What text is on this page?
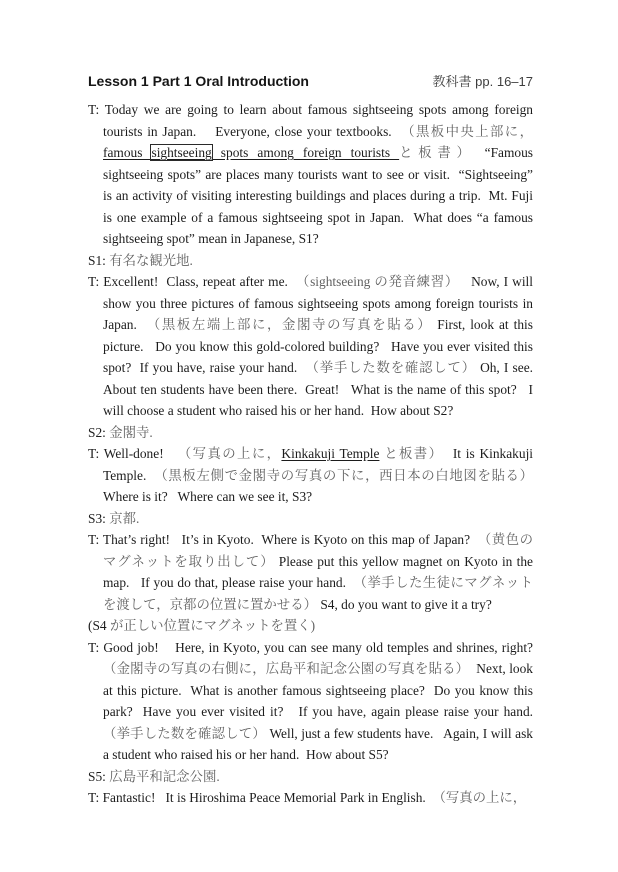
Lesson 1 Part 1 Oral Introduction	教科書 pp. 16–17
T: Today we are going to learn about famous sightseeing spots among foreign tourists in Japan.    Everyone, close your textbooks.  （黒板中央上部に，famous sightseeing spots among foreign tourists と板書） “Famous sightseeing spots” are places many tourists want to see or visit.  “Sightseeing” is an activity of visiting interesting buildings and places during a trip.  Mt. Fuji is one example of a famous sightseeing spot in Japan.  What does “a famous sightseeing spot” mean in Japanese, S1?
S1: 有名な観光地.
T: Excellent!  Class, repeat after me.  （sightseeing の発音練習）   Now, I will show you three pictures of famous sightseeing spots among foreign tourists in Japan.  （黒板左端上部に，金閣寺の写真を貼る） First, look at this picture.   Do you know this gold-colored building?   Have you ever visited this spot?  If you have, raise your hand.  （挙手した数を確認して） Oh, I see.  About ten students have been there.  Great!   What is the name of this spot?   I will choose a student who raised his or her hand.  How about S2?
S2: 金閣寺.
T: Well-done!   （写真の上に，Kinkakuji Temple と板書）  It is Kinkakuji Temple.  （黒板左側で金閣寺の写真の下に，西日本の白地図を貼る） Where is it?   Where can we see it, S3?
S3: 京都.
T: That’s right!   It’s in Kyoto.  Where is Kyoto on this map of Japan?  （黄色のマグネットを取り出して） Please put this yellow magnet on Kyoto in the map.   If you do that, please raise your hand.  （挙手した生徒にマグネットを渡して，京都の位置に置かせる） S4, do you want to give it a try?
(S4 が正しい位置にマグネットを置く)
T: Good job!    Here, in Kyoto, you can see many old temples and shrines, right?  （金閣寺の写真の右側に，広島平和記念公園の写真を貼る）  Next, look at this picture.  What is another famous sightseeing place?  Do you know this park?  Have you ever visited it?   If you have, again please raise your hand.  （挙手した数を確認して） Well, just a few students have.   Again, I will ask a student who raised his or her hand.  How about S5?
S5: 広島平和記念公園.
T: Fantastic!   It is Hiroshima Peace Memorial Park in English.  （写真の上に，
